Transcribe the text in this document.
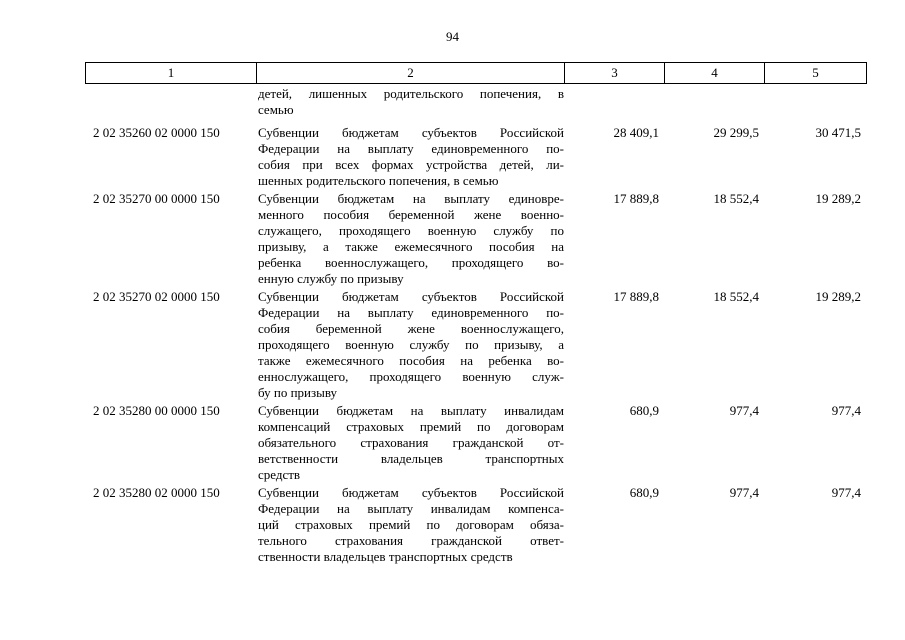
94
1	2	3	4	5
детей, лишенных родительского попечения, в
семью
2 02 35260 02 0000 150	Субвенции бюджетам субъектов Российской
Федерации на выплату единовременного по-
собия при всех формах устройства детей, ли-
шенных родительского попечения, в семью
28 409,1	29 299,5	30 471,5
2 02 35270 00 0000 150	Субвенции бюджетам на выплату единовре-
менного пособия беременной жене военно-
служащего, проходящего военную службу по
призыву, а также ежемесячного пособия на
ребенка военнослужащего, проходящего во-
енную службу по призыву
17 889,8	18 552,4	19 289,2
2 02 35270 02 0000 150	Субвенции бюджетам субъектов Российской
Федерации на выплату единовременного по-
собия беременной жене военнослужащего,
проходящего военную службу по призыву, а
также ежемесячного пособия на ребенка во-
еннослужащего, проходящего военную служ-
бу по призыву
17 889,8	18 552,4	19 289,2
2 02 35280 00 0000 150	Субвенции бюджетам на выплату инвалидам
компенсаций страховых премий по договорам
обязательного страхования гражданской от-
ветственности владельцев транспортных
средств
680,9	977,4	977,4
2 02 35280 02 0000 150	Субвенции бюджетам субъектов Российской
Федерации на выплату инвалидам компенса-
ций страховых премий по договорам обяза-
тельного страхования гражданской ответ-
ственности владельцев транспортных средств
680,9	977,4	977,4
